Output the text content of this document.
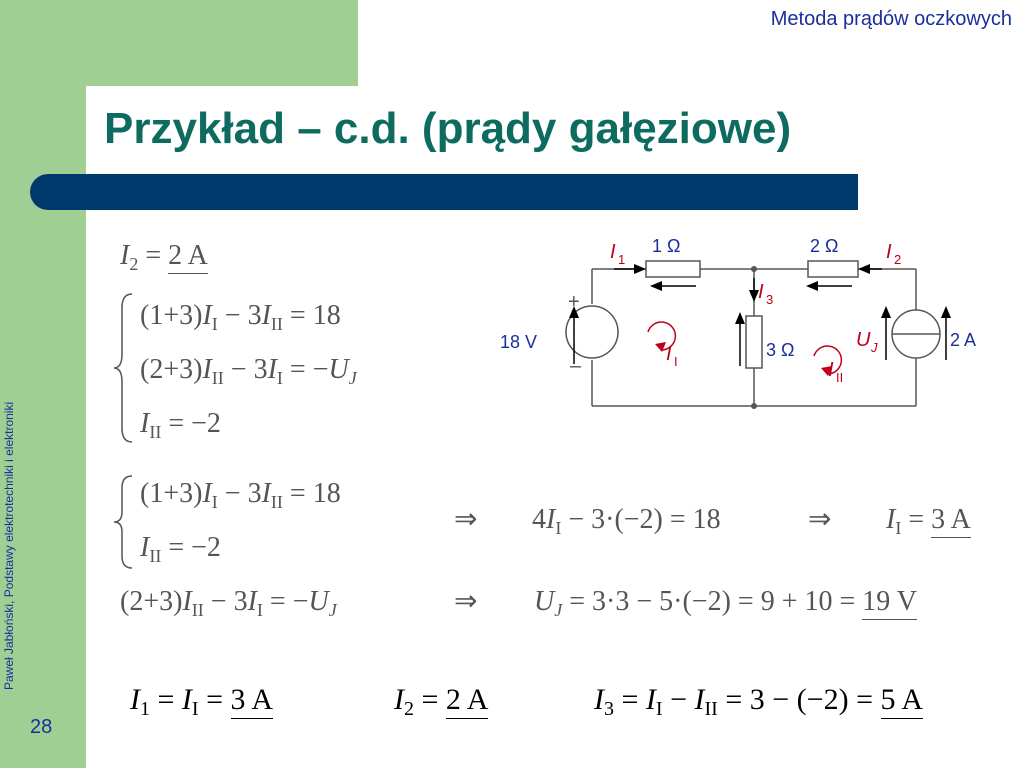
Metoda prądów oczkowych
Przykład – c.d. (prądy gałęziowe)
28
$I_2 = 2$ A
$(1+3)I_I - 3I_{II} = 18$
$(2+3)I_{II} - 3I_I = -U_J$
$I_{II} = -2$
$(1+3)I_I - 3I_{II} = 18$
$I_{II} = -2$
⇒ $4I_I - 3\cdot(-2) = 18$	⇒ $I_I = 3$ A
$(2+3)I_{II} - 3I_I = -U_J$	⇒ $U_J = 3\cdot 3 - 5\cdot(-2) = 9 + 10 = 19$ V
$I_1 = I_I = 3$ A	$I_2 = 2$ A	$I_3 = I_I - I_{II} = 3 - (-2) = 5$ A
1 Ω	2 Ω
3 Ω
18 V	2 A
+
–
I
I
I
U
I
I
1
3
2
J
I
II
